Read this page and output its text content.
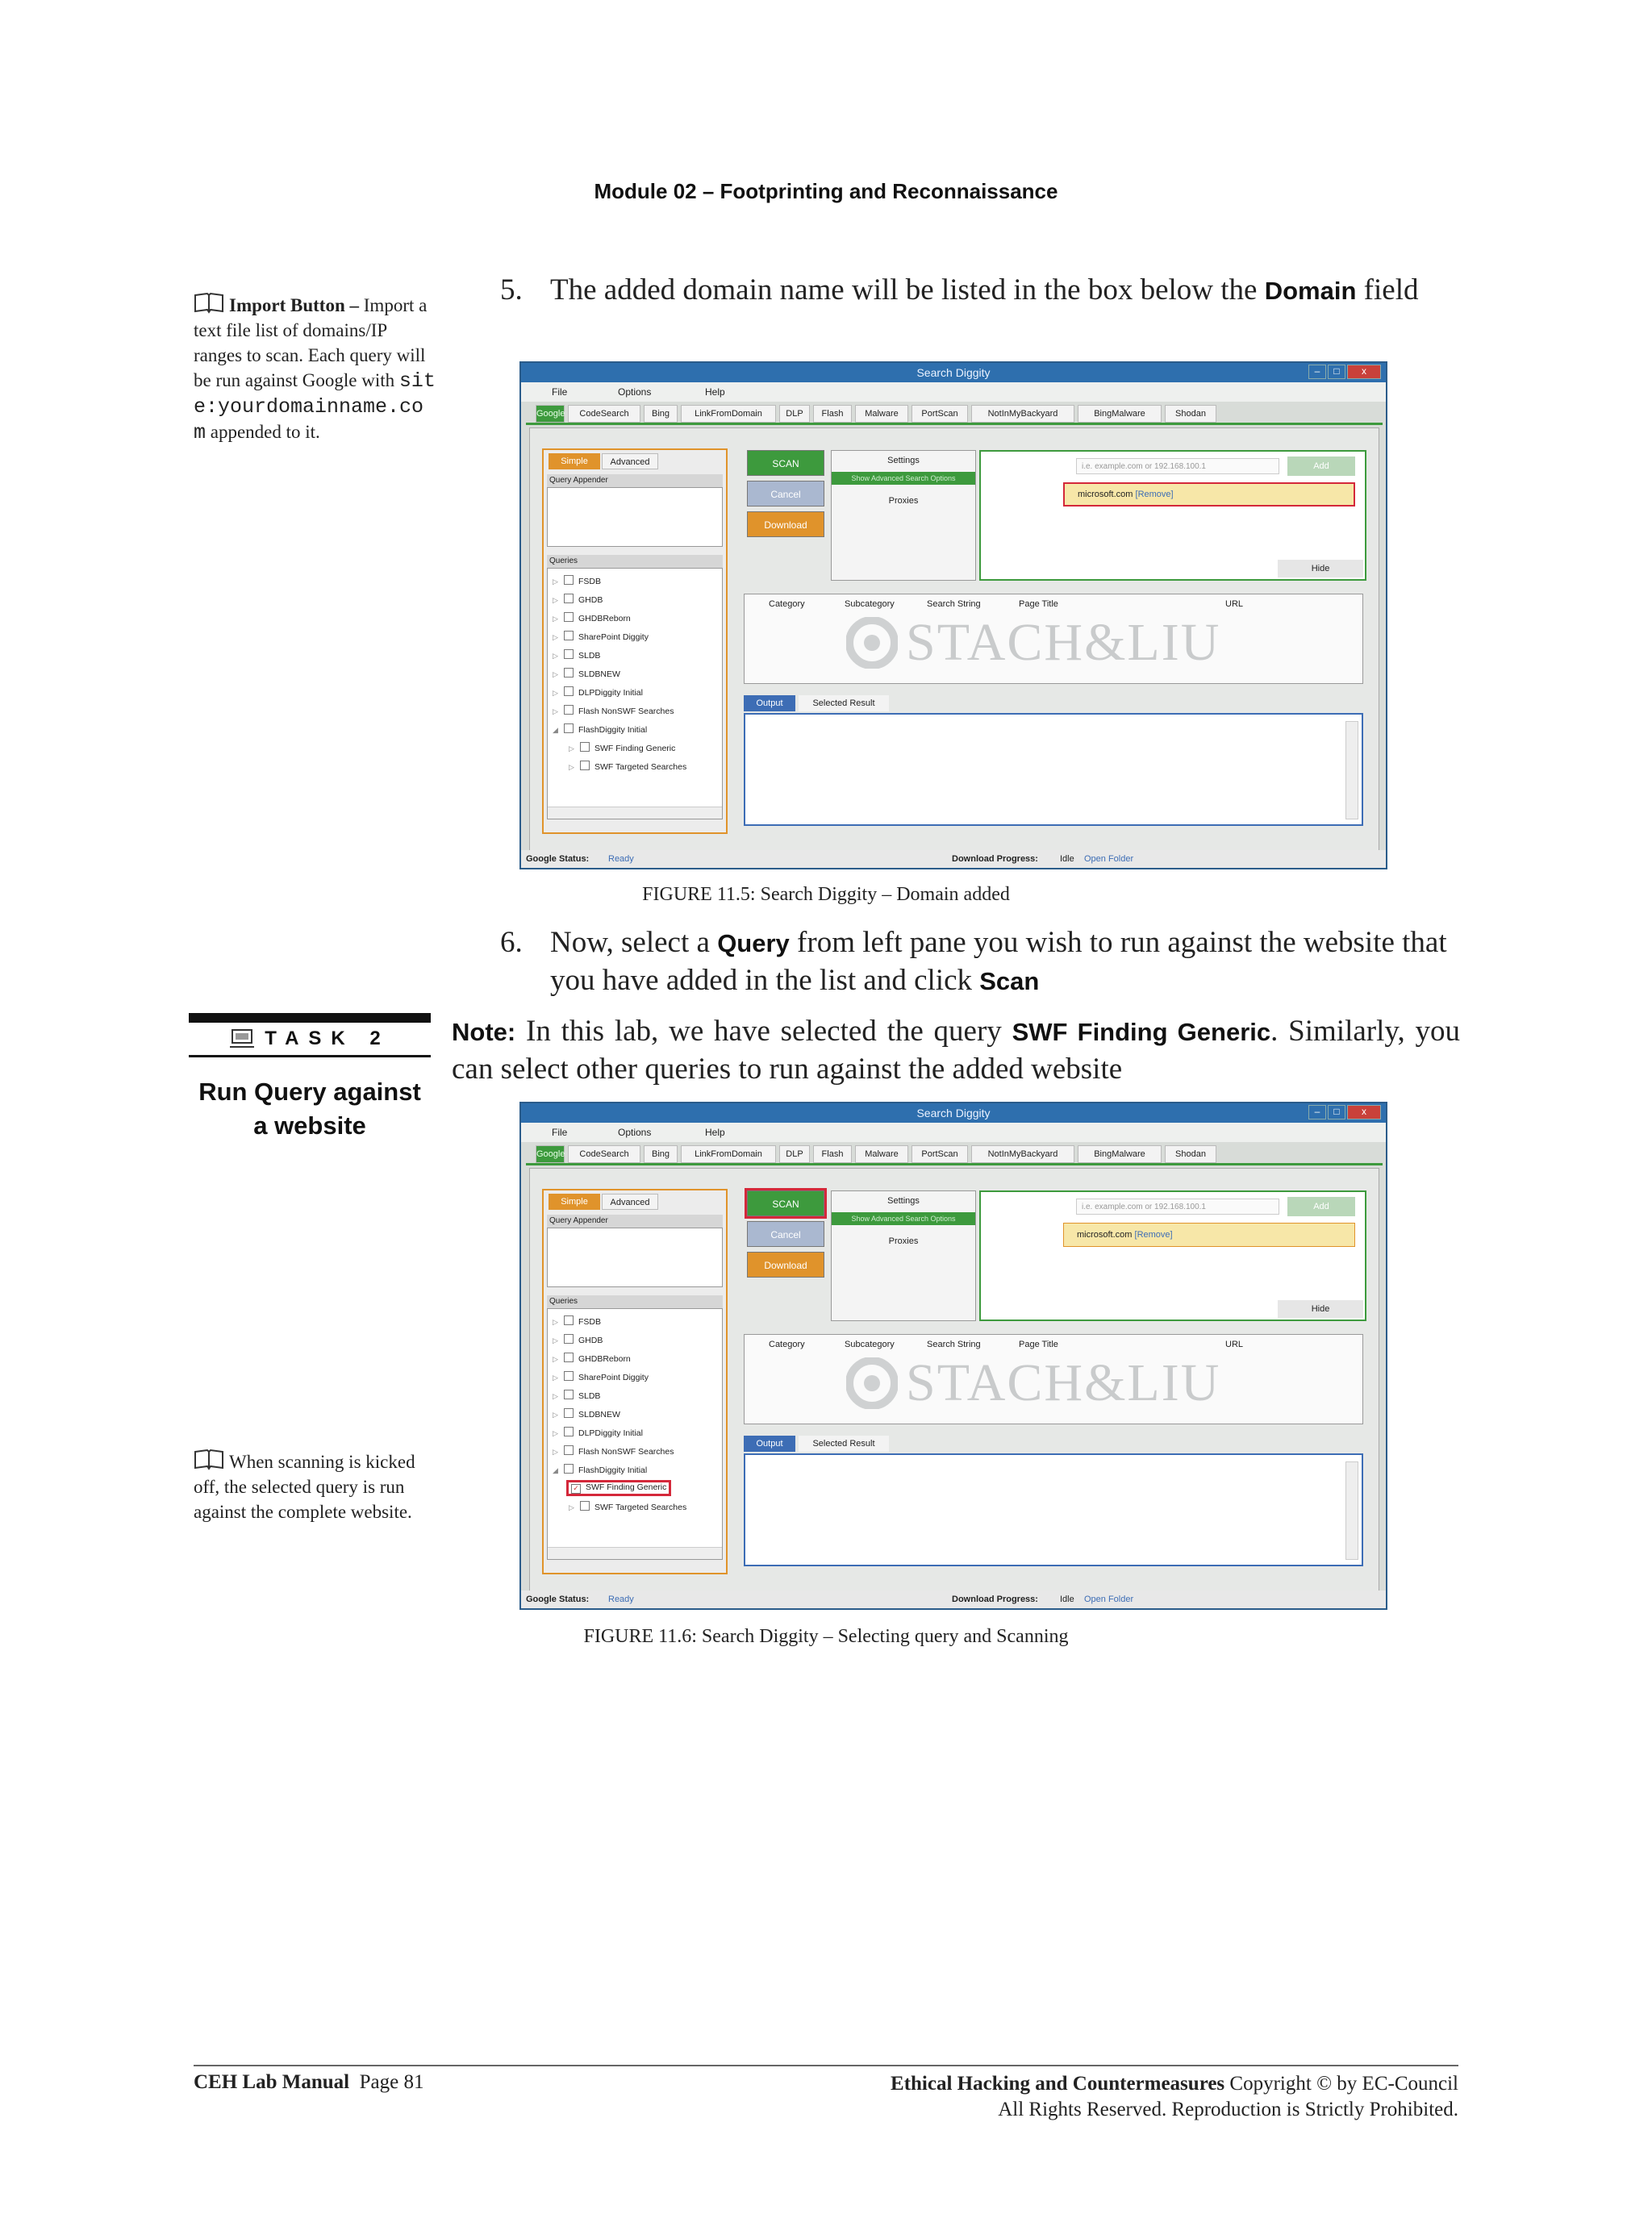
Module 02 – Footprinting and Reconnaissance
Import Button – Import a text file list of domains/IP ranges to scan. Each query will be run against Google with site:yourdomainname.com appended to it.
5. The added domain name will be listed in the box below the Domain field
Search Diggity	–	□	x
File	Options	Help
Google	CodeSearch	Bing	LinkFromDomain	DLP	Flash	Malware	PortScan	NotInMyBackyard	BingMalware	Shodan
Simple	Advanced
Query Appender
Queries
▷ FSDB
▷ GHDB
▷ GHDBReborn
▷ SharePoint Diggity
▷ SLDB
▷ SLDBNEW
▷ DLPDiggity Initial
▷ Flash NonSWF Searches
◢ FlashDiggity Initial
▷ SWF Finding Generic
▷ SWF Targeted Searches
SCAN
Cancel
Download
Settings
Show Advanced Search Options
Proxies
i.e. example.com or 192.168.100.1	Add
microsoft.com [Remove]
Hide
Category	Subcategory	Search String	Page Title	URL
STACH&LIU
Output	Selected Result
Google Status: Ready	Download Progress: Idle Open Folder
FIGURE 11.5: Search Diggity – Domain added
6. Now, select a Query from left pane you wish to run against the website that you have added in the list and click Scan
TASK 2
Run Query against a website
Note: In this lab, we have selected the query SWF Finding Generic. Similarly, you can select other queries to run against the added website
When scanning is kicked off, the selected query is run against the complete website.
Search Diggity	–	□	x
File	Options	Help
Google	CodeSearch	Bing	LinkFromDomain	DLP	Flash	Malware	PortScan	NotInMyBackyard	BingMalware	Shodan
Simple	Advanced
Query Appender
Queries
▷ FSDB
▷ GHDB
▷ GHDBReborn
▷ SharePoint Diggity
▷ SLDB
▷ SLDBNEW
▷ DLPDiggity Initial
▷ Flash NonSWF Searches
◢ FlashDiggity Initial
✓ SWF Finding Generic
▷ SWF Targeted Searches
SCAN
Cancel
Download
Settings
Show Advanced Search Options
Proxies
i.e. example.com or 192.168.100.1	Add
microsoft.com [Remove]
Hide
Category	Subcategory	Search String	Page Title	URL
STACH&LIU
Output	Selected Result
Google Status: Ready	Download Progress: Idle Open Folder
FIGURE 11.6: Search Diggity – Selecting query and Scanning
CEH Lab Manual Page 81	Ethical Hacking and Countermeasures Copyright © by EC-Council
All Rights Reserved. Reproduction is Strictly Prohibited.
